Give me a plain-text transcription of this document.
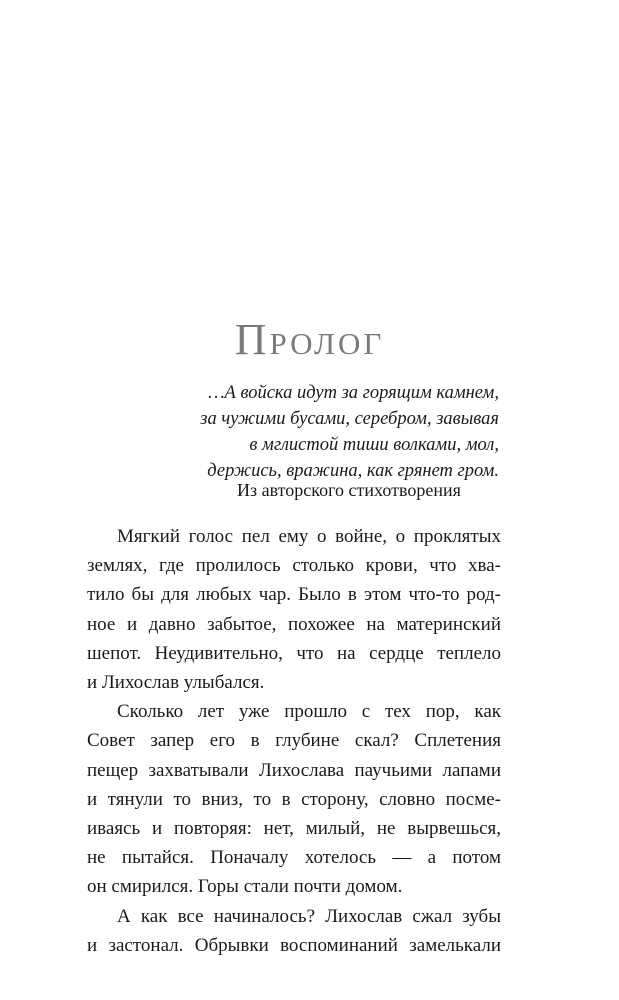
Пролог
…А войска идут за горящим камнем,
за чужими бусами, серебром, завывая
в мглистой тиши волками, мол,
держись, вражина, как грянет гром.
Из авторского стихотворения
Мягкий голос пел ему о войне, о проклятых
землях, где пролилось столько крови, что хва-
тило бы для любых чар. Было в этом что-то род-
ное и давно забытое, похожее на материнский
шепот. Неудивительно, что на сердце теплело
и Лихослав улыбался.
Сколько лет уже прошло с тех пор, как
Совет запер его в глубине скал? Сплетения
пещер захватывали Лихослава паучьими лапами
и тянули то вниз, то в сторону, словно посме-
иваясь и повторяя: нет, милый, не вырвешься,
не пытайся. Поначалу хотелось — а потом
он смирился. Горы стали почти домом.
А как все начиналось? Лихослав сжал зубы
и застонал. Обрывки воспоминаний замелькали
